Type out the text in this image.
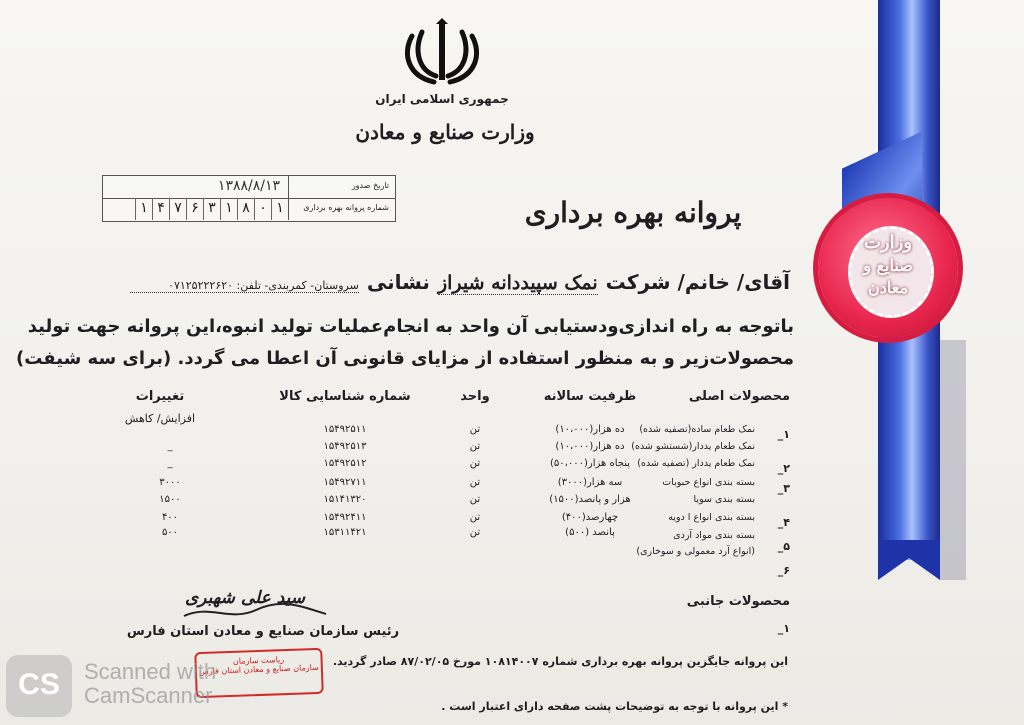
وزارت
صنایع و
معادن
جمهوری اسلامی ایران
وزارت صنایع و معادن
تاریخ صدور
۱۳۸۸/۸/۱۳
شماره پروانه بهره برداری
۱
۰
۸
۱
۳
۶
۷
۴
۱	پروانه بهره برداری
آقای/ خانم/ شرکت
نمک سپیددانه شیراز
نشانی
سروستان- کمربندی- تلفن: ۰۷۱۲۵۲۲۲۶۲۰
باتوجه به راه اندازی‌ودستیابی آن واحد به انجام‌عملیات تولید انبوه،این پروانه جهت تولید
محصولات‌زیر و به منظور استفاده از مزایای قانونی آن اعطا می گردد. (برای سه شیفت)
محصولات اصلی
ظرفیت سالانه
واحد
شماره شناسایی کالا
تغییرات
افزایش/ کاهش
۱_
نمک طعام ساده(تصفیه شده)
ده هزار(۱۰،۰۰۰)
تن
۱۵۴۹۲۵۱۱
نمک طعام یددار(شستشو شده)
ده هزار(۱۰،۰۰۰)
تن
۱۵۴۹۲۵۱۳
_
۲_
نمک طعام یددار (تصفیه شده)
پنجاه هزار(۵۰،۰۰۰)
تن
۱۵۴۹۲۵۱۲
_
۳_
بسته بندی انواع حبوبات
سه هزار(۳۰۰۰)
تن
۱۵۴۹۲۷۱۱
۳۰۰۰
بسته بندی سویا
هزار و پانصد(۱۵۰۰)
تن
۱۵۱۴۱۳۲۰
۱۵۰۰
۴_
بسته بندی انواع ا دویه
چهارصد(۴۰۰)
تن
۱۵۴۹۲۴۱۱
۴۰۰
۵_
بسته بندی مواد آردی
پانصد (۵۰۰)
تن
۱۵۳۱۱۴۲۱
۵۰۰
(انواع آرد معمولی و سوخاری)
۶_
محصولات جانبی
۱_
سید علی شهبری
رئیس سازمان صنایع و معادن استان فارس
ریاست سازمان
سازمان صنایع و معادن استان فارس
این پروانه جایگزین پروانه بهره برداری شماره ۱۰۸۱۴۰۰۷ مورخ ۸۷/۰۲/۰۵ صادر گردید.
* این پروانه با توجه به توضیحات پشت صفحه دارای اعتبار است .
CS	Scanned with
CamScanner
